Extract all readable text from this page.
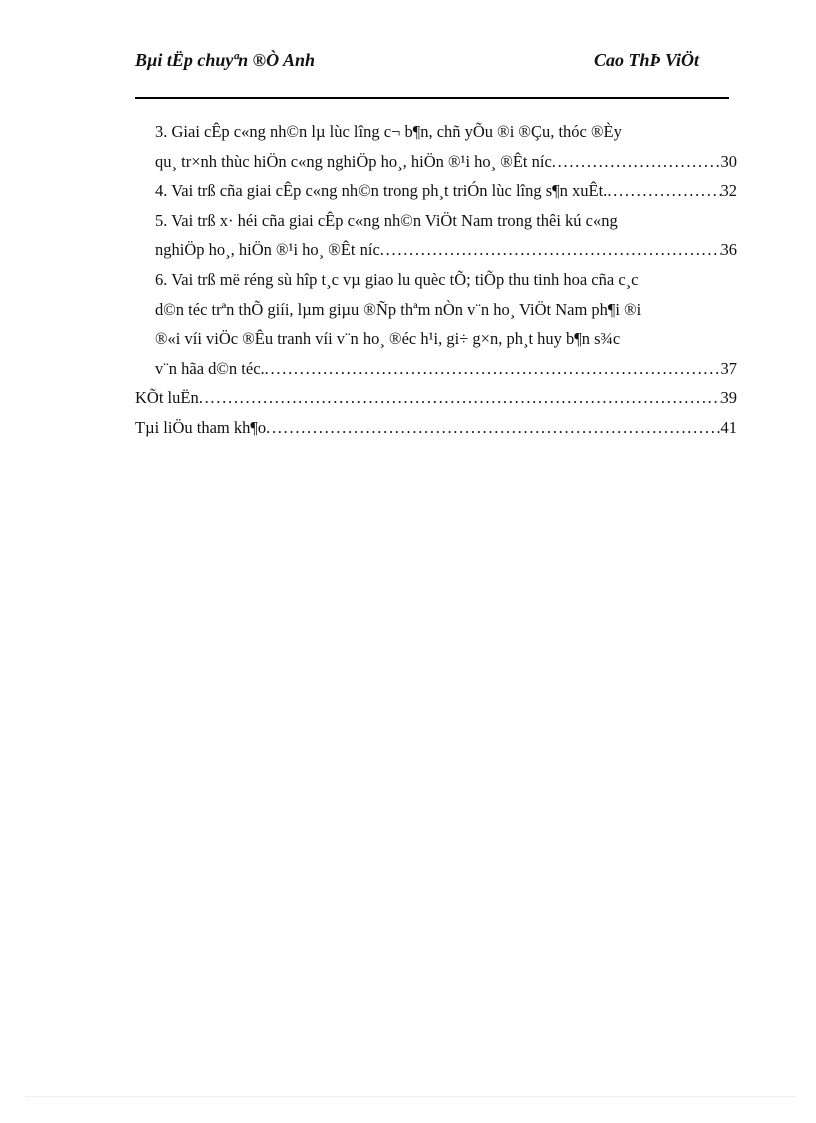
Bµi tËp chuyªn ®Ò Anh	Cao ThÞ ViÖt
3. Giai cÊp c«ng nh©n lµ lùc lîng c¬ b¶n, chñ yÕu ®i ®Çu, thóc ®Èy
qu¸ tr×nh thùc hiÖn c«ng nghiÖp ho¸, hiÖn ®¹i ho¸ ®Êt níc . . .	30
4. Vai trß cña giai cÊp c«ng nh©n trong ph¸t triÓn lùc lîng s¶n xuÊt. . . .	32
5. Vai trß x· héi cña giai cÊp c«ng nh©n ViÖt Nam trong thêi kú c«ng
nghiÖp ho¸, hiÖn ®¹i ho¸ ®Êt níc . . .	36
6. Vai trß më réng sù hîp t¸c vµ giao lu quèc tÕ; tiÕp thu tinh hoa cña c¸c
d©n téc trªn thÕ giíi, lµm giµu ®Ñp thªm nÒn v¨n ho¸ ViÖt Nam ph¶i ®i
®«i víi viÖc ®Êu tranh víi v¨n ho¸ ®éc h¹i, gi÷ g×n, ph¸t huy b¶n s¾c
v¨n hãa d©n téc. . . .	37
KÕt luËn . . .	39
Tµi liÖu tham kh¶o . . .	41
